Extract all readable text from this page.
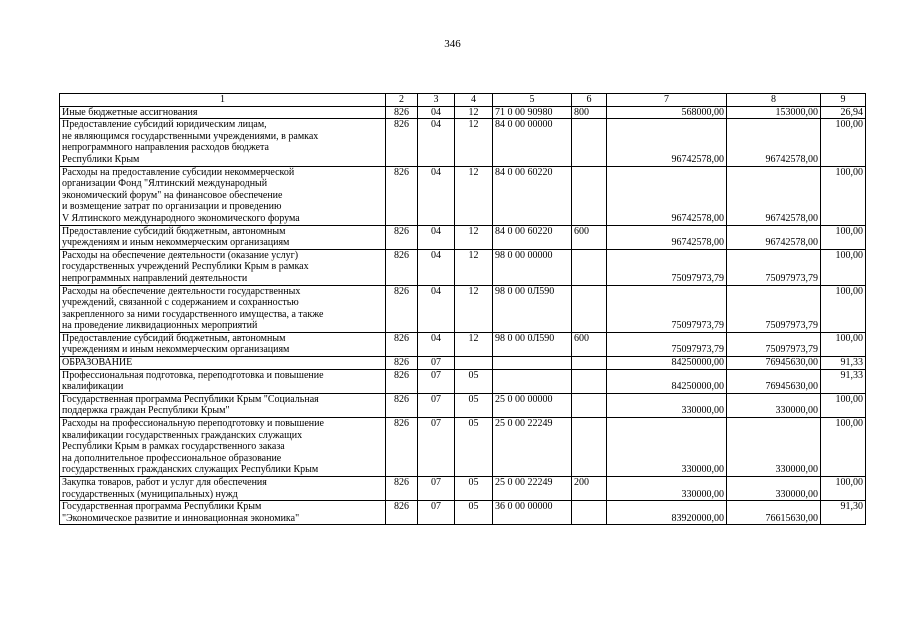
346
1	2	3	4	5	6	7	8	9

Иные бюджетные ассигнования	826	04	12	71 0 00 90980	800	568000,00	153000,00	26,94

Предоставление субсидий юридическим лицам,
не являющимся государственными учреждениями, в рамках
непрограммного направления расходов бюджета
Республики Крым	826	04	12	84 0 00 00000		96742578,00	96742578,00	100,00

Расходы на предоставление субсидии некоммерческой
организации Фонд "Ялтинский международный
экономический форум" на финансовое обеспечение
и возмещение затрат по организации и проведению
V Ялтинского международного экономического форума	826	04	12	84 0 00 60220		96742578,00	96742578,00	100,00

Предоставление субсидий бюджетным, автономным
учреждениям и иным некоммерческим организациям	826	04	12	84 0 00 60220	600	96742578,00	96742578,00	100,00

Расходы на обеспечение деятельности (оказание услуг)
государственных учреждений Республики Крым в рамках
непрограммных направлений деятельности	826	04	12	98 0 00 00000		75097973,79	75097973,79	100,00

Расходы на обеспечение деятельности государственных
учреждений, связанной с содержанием и сохранностью
закрепленного за ними государственного имущества, а также
на проведение ликвидационных мероприятий	826	04	12	98 0 00 0Л590		75097973,79	75097973,79	100,00

Предоставление субсидий бюджетным, автономным
учреждениям и иным некоммерческим организациям	826	04	12	98 0 00 0Л590	600	75097973,79	75097973,79	100,00

ОБРАЗОВАНИЕ	826	07				84250000,00	76945630,00	91,33

Профессиональная подготовка, переподготовка и повышение
квалификации	826	07	05			84250000,00	76945630,00	91,33

Государственная программа Республики Крым "Социальная
поддержка граждан Республики Крым"	826	07	05	25 0 00 00000		330000,00	330000,00	100,00

Расходы на профессиональную переподготовку и повышение
квалификации государственных гражданских служащих
Республики Крым в рамках государственного заказа
на дополнительное профессиональное образование
государственных гражданских служащих Республики Крым	826	07	05	25 0 00 22249		330000,00	330000,00	100,00

Закупка товаров, работ и услуг для обеспечения
государственных (муниципальных) нужд	826	07	05	25 0 00 22249	200	330000,00	330000,00	100,00

Государственная программа Республики Крым
"Экономическое развитие и инновационная экономика"	826	07	05	36 0 00 00000		83920000,00	76615630,00	91,30
